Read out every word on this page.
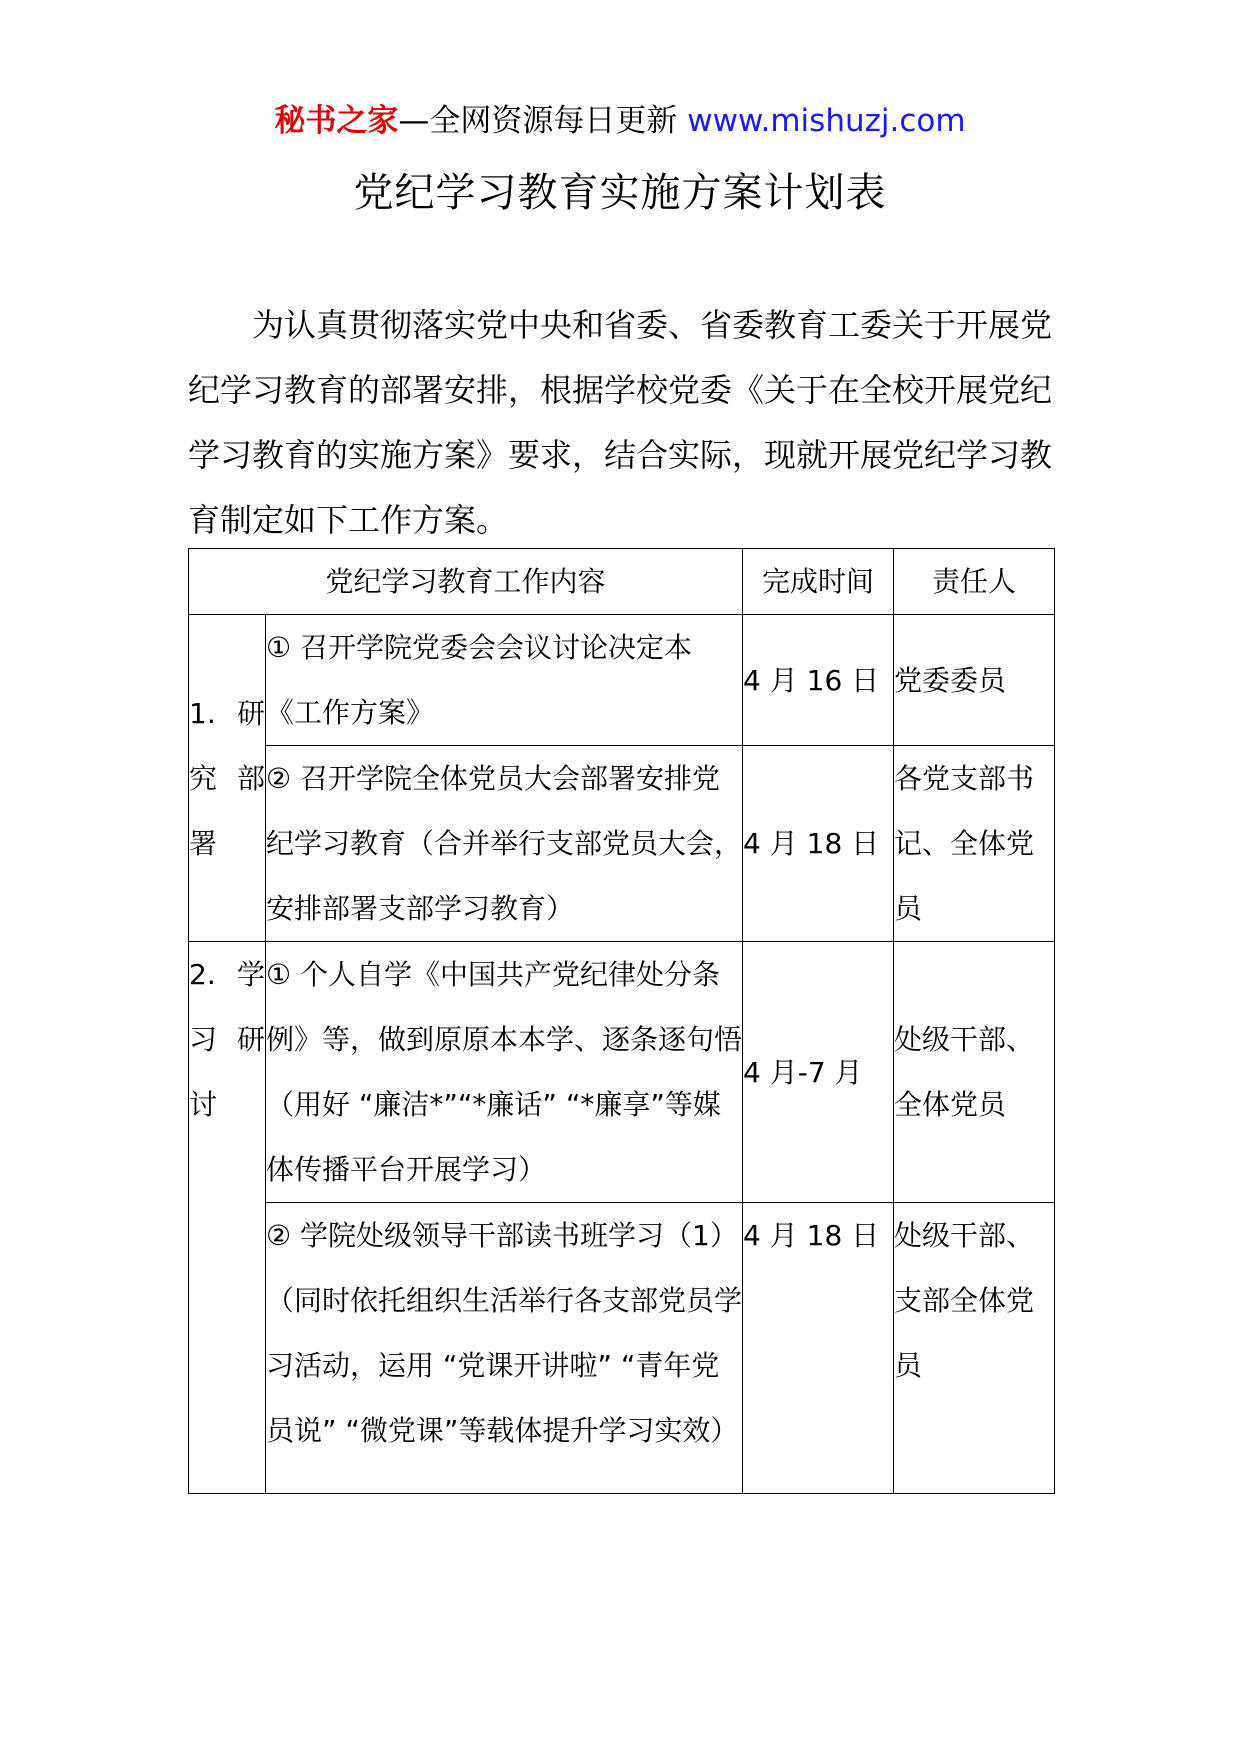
秘书之家—全网资源每日更新 www.mishuzj.com
党纪学习教育实施方案计划表

为认真贯彻落实党中央和省委、省委教育工委关于开展党纪学习教育的部署安排，根据学校党委《关于在全校开展党纪学习教育的实施方案》要求，结合实际，现就开展党纪学习教育制定如下工作方案。

党纪学习教育工作内容		完成时间	责任人
1. 研究部署	① 召开学院党委会会议讨论决定本《工作方案》	4 月 16 日	党委委员
	② 召开学院全体党员大会部署安排党纪学习教育（合并举行支部党员大会，安排部署支部学习教育）	4 月 18 日	各党支部书记、全体党员
2. 学习研讨	① 个人自学《中国共产党纪律处分条例》等，做到原原本本学、逐条逐句悟（用好 “廉洁*”“*廉话” “*廉享”等媒体传播平台开展学习）	4 月-7 月	处级干部、全体党员
	② 学院处级领导干部读书班学习（1）（同时依托组织生活举行各支部党员学习活动，运用 “党课开讲啦” “青年党员说” “微党课”等载体提升学习实效）	4 月 18 日	处级干部、支部全体党员
